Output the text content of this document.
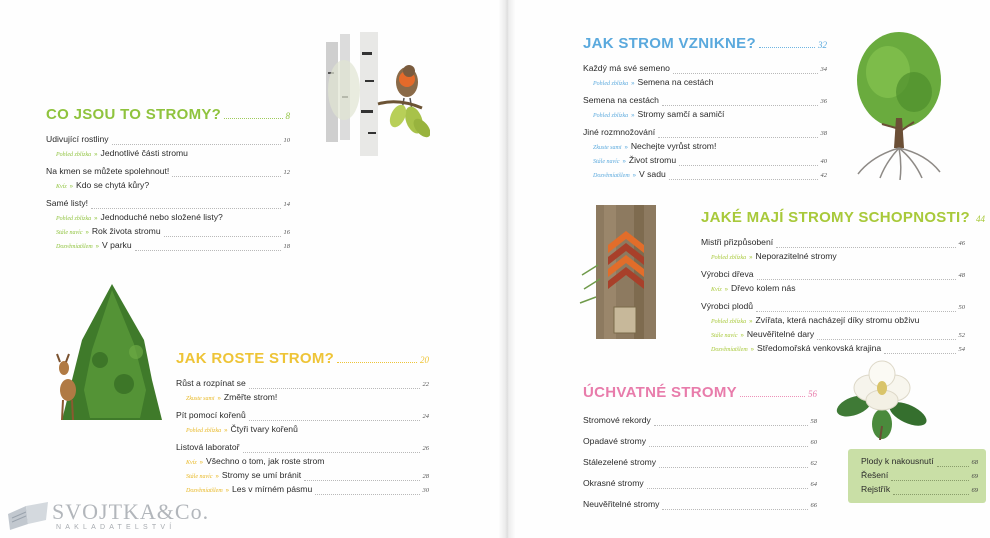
CO JSOU TO STROMY?	8
Udivující rostliny	10
Pohled zblízka » Jednotlivé části stromu
Na kmen se můžete spolehnout!	12
Kvíz » Kdo se chytá kůry?
Samé listy!	14
Pohled zblízka » Jednoduché nebo složené listy?
Stále navíc » Rok života stromu	16
Dozvěmíatšlem » V parku	18
JAK ROSTE STROM?	20
Růst a rozpínat se	22
Zkuste sami » Změřte strom!
Pít pomocí kořenů	24
Pohled zblízka » Čtyři tvary kořenů
Listová laboratoř	26
Kvíz » Všechno o tom, jak roste strom
Stále navíc » Stromy se umí bránit	28
Dozvěmíatšlem » Les v mírném pásmu	30
JAK STROM VZNIKNE?	32
Každý má své semeno	34
Pohled zblízka » Semena na cestách
Semena na cestách	36
Pohled zblízka » Stromy samčí a samičí
Jiné rozmnožování	38
Zkuste sami » Nechejte vyrůst strom!
Stále navíc » Život stromu	40
Dozvěmíatšlem » V sadu	42
JAKÉ MAJÍ STROMY SCHOPNOSTI? 44
Mistři přizpůsobení	46
Pohled zblízka » Neporazitelné stromy
Výrobci dřeva	48
Kvíz » Dřevo kolem nás
Výrobci plodů	50
Pohled zblízka » Zvířata, která nacházejí díky stromu obživu
Stále navíc » Neuvěřitelné dary	52
Dozvěmíatšlem » Středomořská venkovská krajina	54
ÚCHVATNÉ STROMY	56
Stromové rekordy	58
Opadavé stromy	60
Stálezelené stromy	62
Okrasné stromy	64
Neuvěřitelné stromy	66
Plody k nakousnutí	68
Řešení	69
Rejstřík	69
SVOJTKA&Co.
NAKLADATELSTVÍ
